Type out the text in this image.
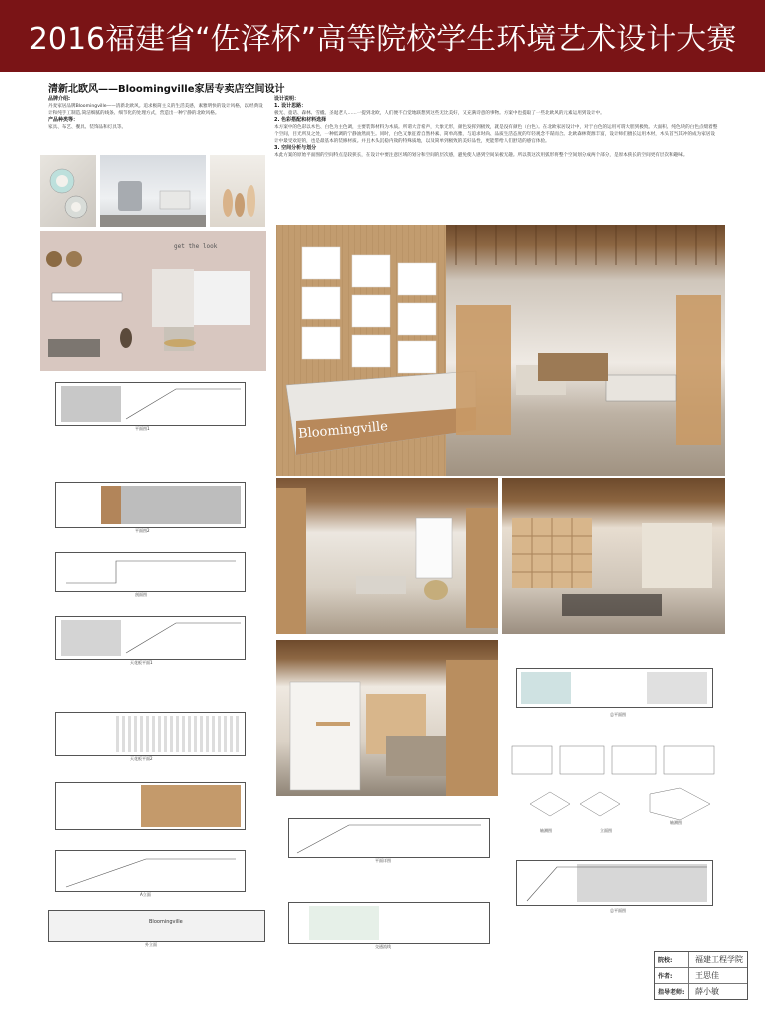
2016福建省“佐泽杯”高等院校学生环境艺术设计大赛
清新北欧风——Bloomingville家居专卖店空间设计
品牌介绍:
丹麦家居品牌Bloomingville——清新北欧风。追求极简主义的生活美感，素雅明快的设计风格，以经典设计和纯手工制造,简洁细腻的线条、细节化的处理方式，营造出一种宁静的北欧风格。
产品种类等：
家具、布艺、餐具、装饰品和灯具等。
get the look
设计说明：
1. 设计思路：
极光、童话、森林、雪橇、圣诞老人……一提到北欧，人们便不自觉地联想到这些无比美好，又充满诗意的事物。方案中也提取了一些北欧风的元素运用到设计中。
2. 色彩搭配和材料选择
本方案中的色彩以木色、白色为主色调，主要装饰材料为木质。所谓大音希声，大象无形，颜色发挥到极致，就是没有颜色（白色）。在北欧家居设计中，对于白色的运用可谓大胆到极致。大面积、纯色块的白色点缀着整个空间，目光所及之处，一种低调的宁静油然而生。同时，白色又象征着自然朴素、简单高雅，与追求时尚、品质生活态度的年轻观念不谋而合。北欧森林资源丰富，设计师们擅长运用木材，木头首当其冲的成为家居设计中最受欢迎的，也是最基本的装修材质。并且木头沉稳内敛的特殊质地，以及简单到极致的美好品性，更能带给人们舒适的感官体验。
3. 空间分析与划分
本此方案的原始平面图的空间特点是较狭长，在设计中要注意区域的划分和空间的层次感，避免使人感到空间呆板无趣。所以我这次用弧形将整个空间划分成两个部分，是原本狭长的空间更有层次和趣味。
Bloomingville
平面图1
平面图2
剖面图
天花板平面1
天花板平面2
A立面
Bloomingville
外立面
总平面图
轴测图	立面图
轴测图
总平面图
平面详图
交通流线
院校:	福建工程学院
作者:	王思佳
指导老师:	薛小敏
